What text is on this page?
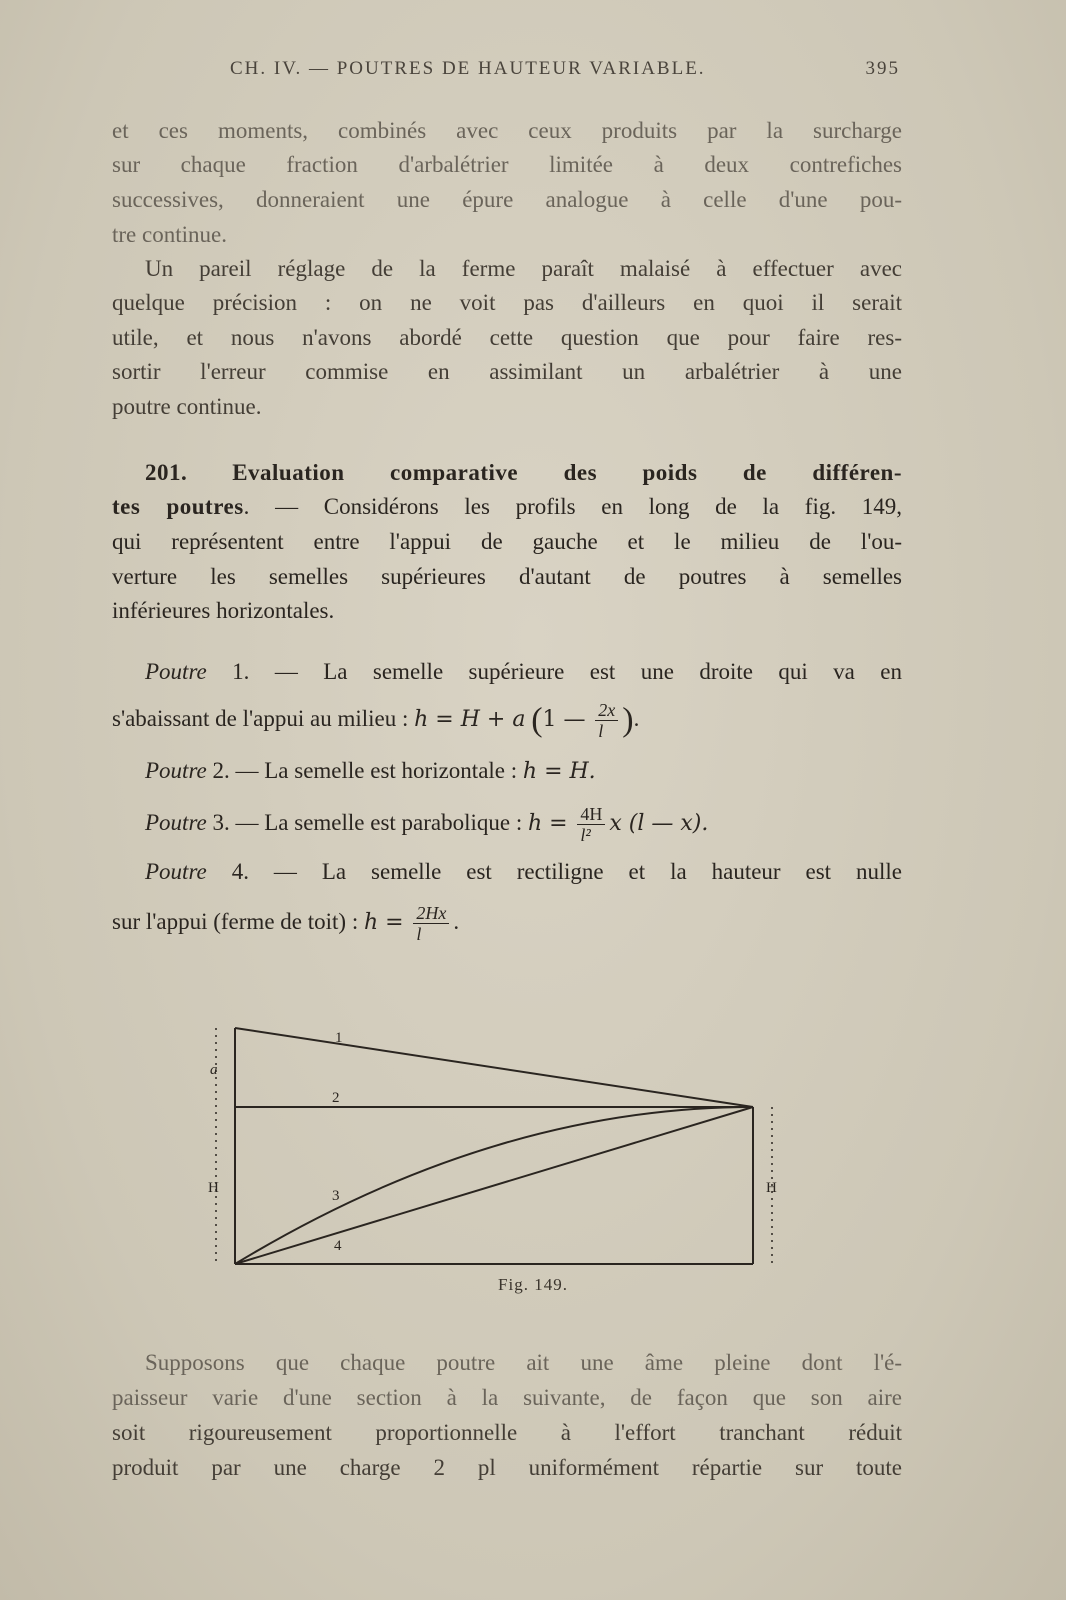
CH. IV. — POUTRES DE HAUTEUR VARIABLE.	395
et ces moments, combinés avec ceux produits par la surcharge
sur chaque fraction d'arbalétrier limitée à deux contrefiches
successives, donneraient une épure analogue à celle d'une pou-
tre continue.
Un pareil réglage de la ferme paraît malaisé à effectuer avec
quelque précision : on ne voit pas d'ailleurs en quoi il serait
utile, et nous n'avons abordé cette question que pour faire res-
sortir l'erreur commise en assimilant un arbalétrier à une
poutre continue.
201. Evaluation comparative des poids de différen-
tes poutres. — Considérons les profils en long de la fig. 149,
qui représentent entre l'appui de gauche et le milieu de l'ou-
verture les semelles supérieures d'autant de poutres à semelles
inférieures horizontales.
Poutre 1. — La semelle supérieure est une droite qui va en
s'abaissant de l'appui au milieu : h = H + a (1 — $\frac{2x}{l}$ ).
Poutre 2. — La semelle est horizontale : h = H.
Poutre 3. — La semelle est parabolique : $h = \frac{4H}{\text{l²}}$ x (l — x).
Poutre 4. — La semelle est rectiligne et la hauteur est nulle
sur l'appui (ferme de toit) : $h = \frac{2Hx}{l}$ .
1
2
3
4
a
H	H
Fig. 149.
Supposons que chaque poutre ait une âme pleine dont l'é-
paisseur varie d'une section à la suivante, de façon que son aire
soit rigoureusement proportionnelle à l'effort tranchant réduit
produit par une charge 2 pl uniformément répartie sur toute
